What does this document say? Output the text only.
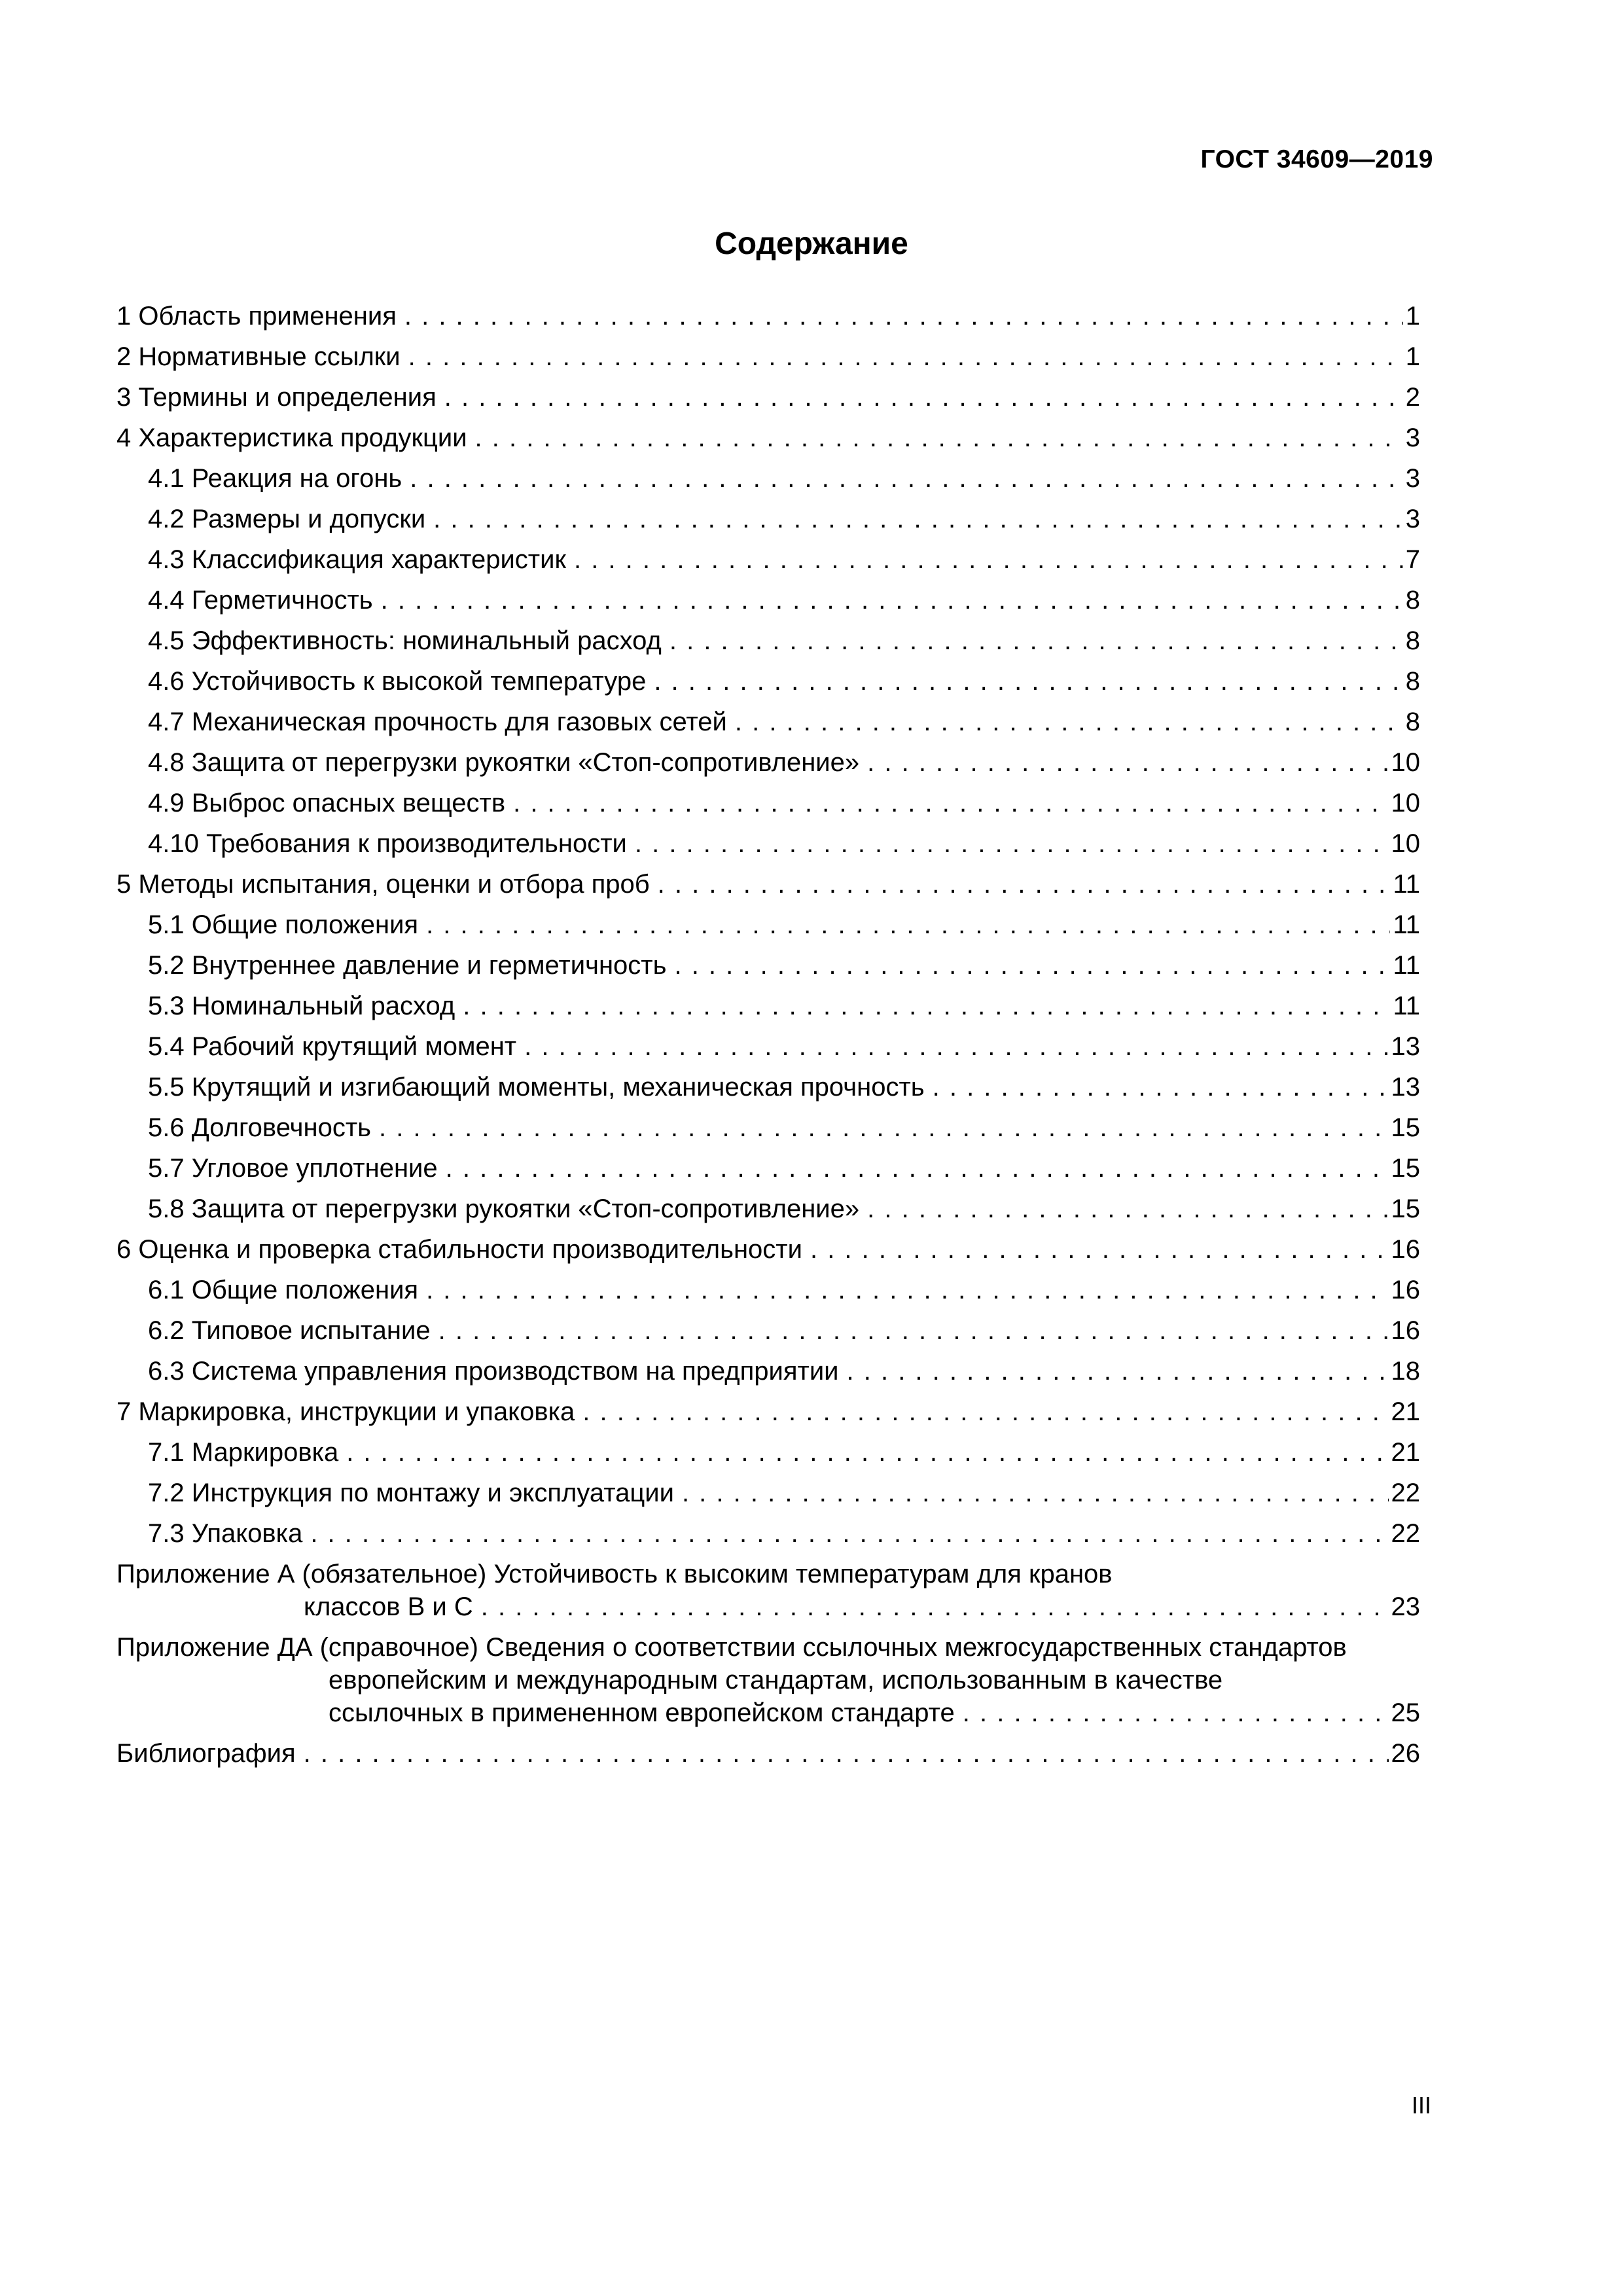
ГОСТ 34609—2019
Содержание
1 Область применения . . .	1
2 Нормативные ссылки . . .	1
3 Термины и определения . . .	2
4 Характеристика продукции . . .	3
4.1 Реакция на огонь . . .	3
4.2 Размеры и допуски . . .	3
4.3 Классификация характеристик . . .	7
4.4 Герметичность . . .	8
4.5 Эффективность: номинальный расход . . .	8
4.6 Устойчивость к высокой температуре . . .	8
4.7 Механическая прочность для газовых сетей . . .	8
4.8 Защита от перегрузки рукоятки «Стоп-сопротивление» . . .	10
4.9 Выброс опасных веществ . . .	10
4.10 Требования к производительности . . .	10
5 Методы испытания, оценки и отбора проб . . .	11
5.1 Общие положения . . .	11
5.2 Внутреннее давление и герметичность . . .	11
5.3 Номинальный расход . . .	11
5.4 Рабочий крутящий момент . . .	13
5.5 Крутящий и изгибающий моменты, механическая прочность . . .	13
5.6 Долговечность . . .	15
5.7 Угловое уплотнение . . .	15
5.8 Защита от перегрузки рукоятки «Стоп-сопротивление» . . .	15
6 Оценка и проверка стабильности производительности . . .	16
6.1 Общие положения . . .	16
6.2 Типовое испытание . . .	16
6.3 Система управления производством на предприятии . . .	18
7 Маркировка, инструкции и упаковка . . .	21
7.1 Маркировка . . .	21
7.2 Инструкция по монтажу и эксплуатации . . .	22
7.3 Упаковка . . .	22
Приложение А (обязательное) Устойчивость к высоким температурам для кранов
классов В и С . . .	23
Приложение ДА (справочное) Сведения о соответствии ссылочных межгосударственных стандартов
европейским и международным стандартам, использованным в качестве
ссылочных в примененном европейском стандарте . . .	25
Библиография . . .	26
III
